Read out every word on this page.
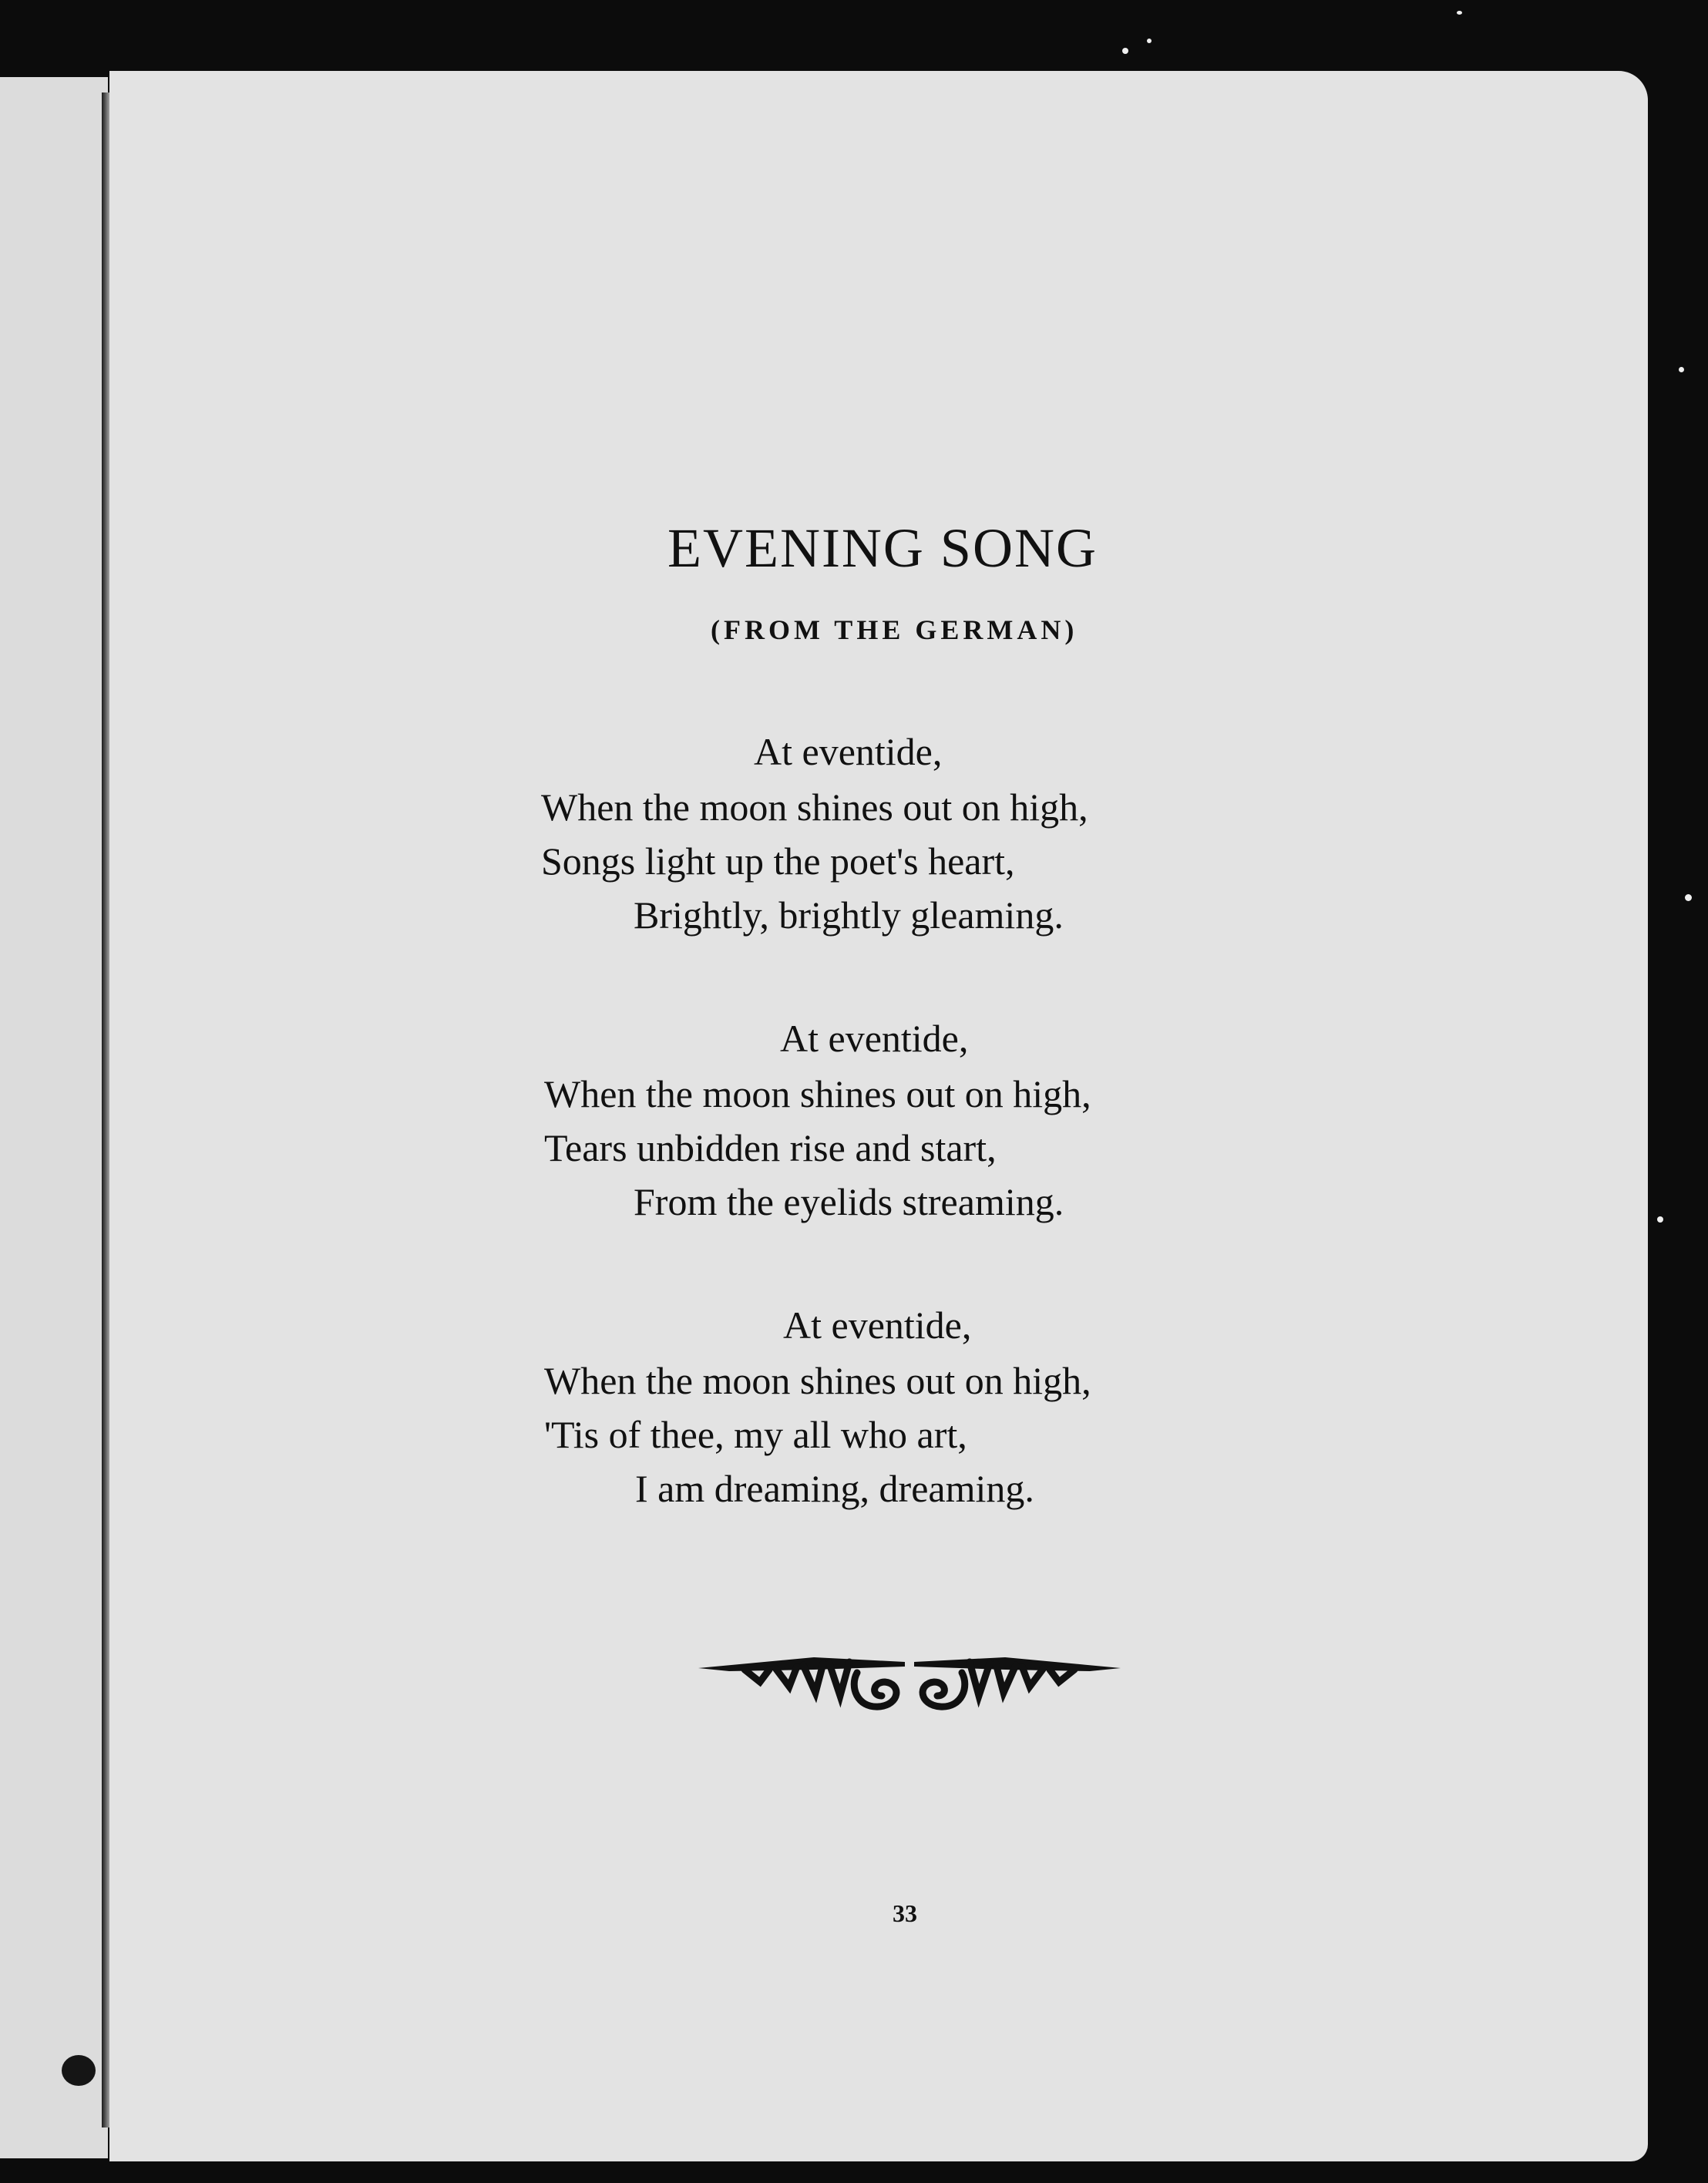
EVENING SONG
(FROM THE GERMAN)
At eventide,
When the moon shines out on high,
Songs light up the poet's heart,
Brightly, brightly gleaming.
At eventide,
When the moon shines out on high,
Tears unbidden rise and start,
From the eyelids streaming.
At eventide,
When the moon shines out on high,
'Tis of thee, my all who art,
I am dreaming, dreaming.
33
